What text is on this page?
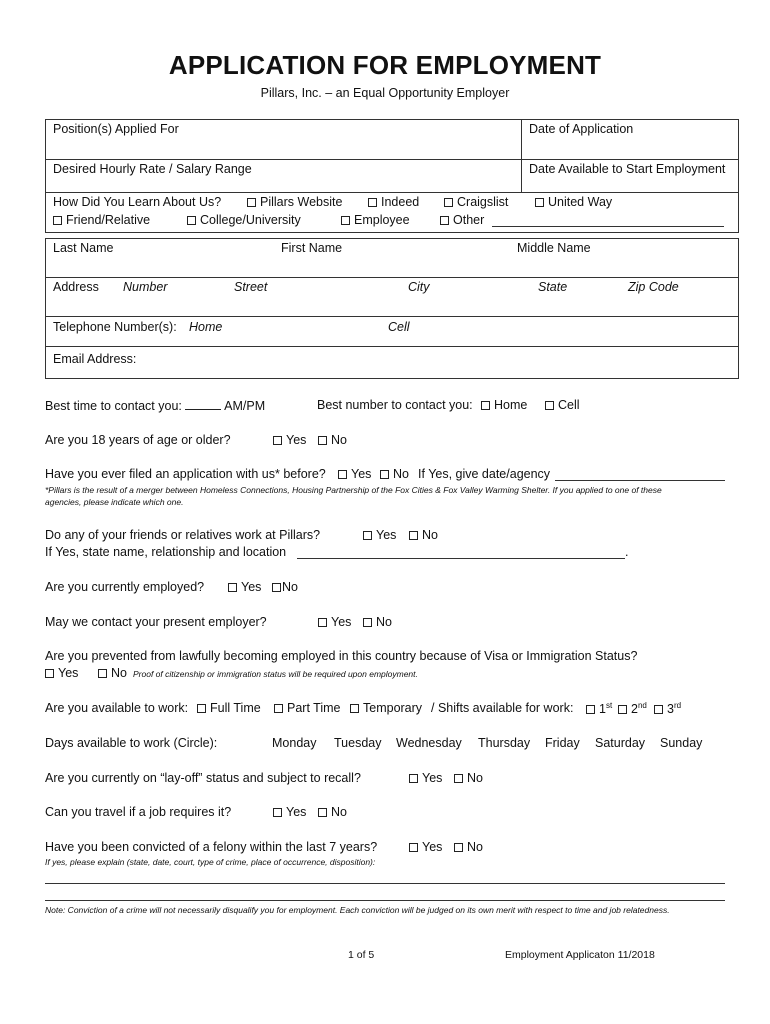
APPLICATION FOR EMPLOYMENT
Pillars, Inc. – an Equal Opportunity Employer
Position(s) Applied For	Date of Application
Desired Hourly Rate / Salary Range	Date Available to Start Employment
How Did You Learn About Us?	Pillars Website	Indeed	Craigslist	United Way
Friend/Relative	College/University	Employee	Other
Last Name	First Name	Middle Name
Address Number	Street	City	State	Zip Code
Telephone Number(s): Home	Cell
Email Address:
Best time to contact you:	AM/PM	Best number to contact you:	Home	Cell
Are you 18 years of age or older?	Yes	No
Have you ever filed an application with us* before?	Yes	No If Yes, give date/agency
*Pillars is the result of a merger between Homeless Connections, Housing Partnership of the Fox Cities & Fox Valley Warming Shelter. If you applied to one of these
agencies, please indicate which one.
Do any of your friends or relatives work at Pillars?	Yes	No
If Yes, state name, relationship and location	.
Are you currently employed?	Yes	No
May we contact your present employer?	Yes	No
Are you prevented from lawfully becoming employed in this country because of Visa or Immigration Status?
Yes	No Proof of citizenship or immigration status will be required upon employment.
Are you available to work:	Full Time	Part Time	Temporary / Shifts available for work:	1st	2nd	3rd
Days available to work (Circle):	Monday Tuesday Wednesday Thursday Friday Saturday Sunday
Are you currently on “lay-off” status and subject to recall?	Yes	No
Can you travel if a job requires it?	Yes	No
Have you been convicted of a felony within the last 7 years?	Yes	No
If yes, please explain (state, date, court, type of crime, place of occurrence, disposition):
Note: Conviction of a crime will not necessarily disqualify you for employment. Each conviction will be judged on its own merit with respect to time and job relatedness.
1 of 5	Employment Applicaton 11/2018
